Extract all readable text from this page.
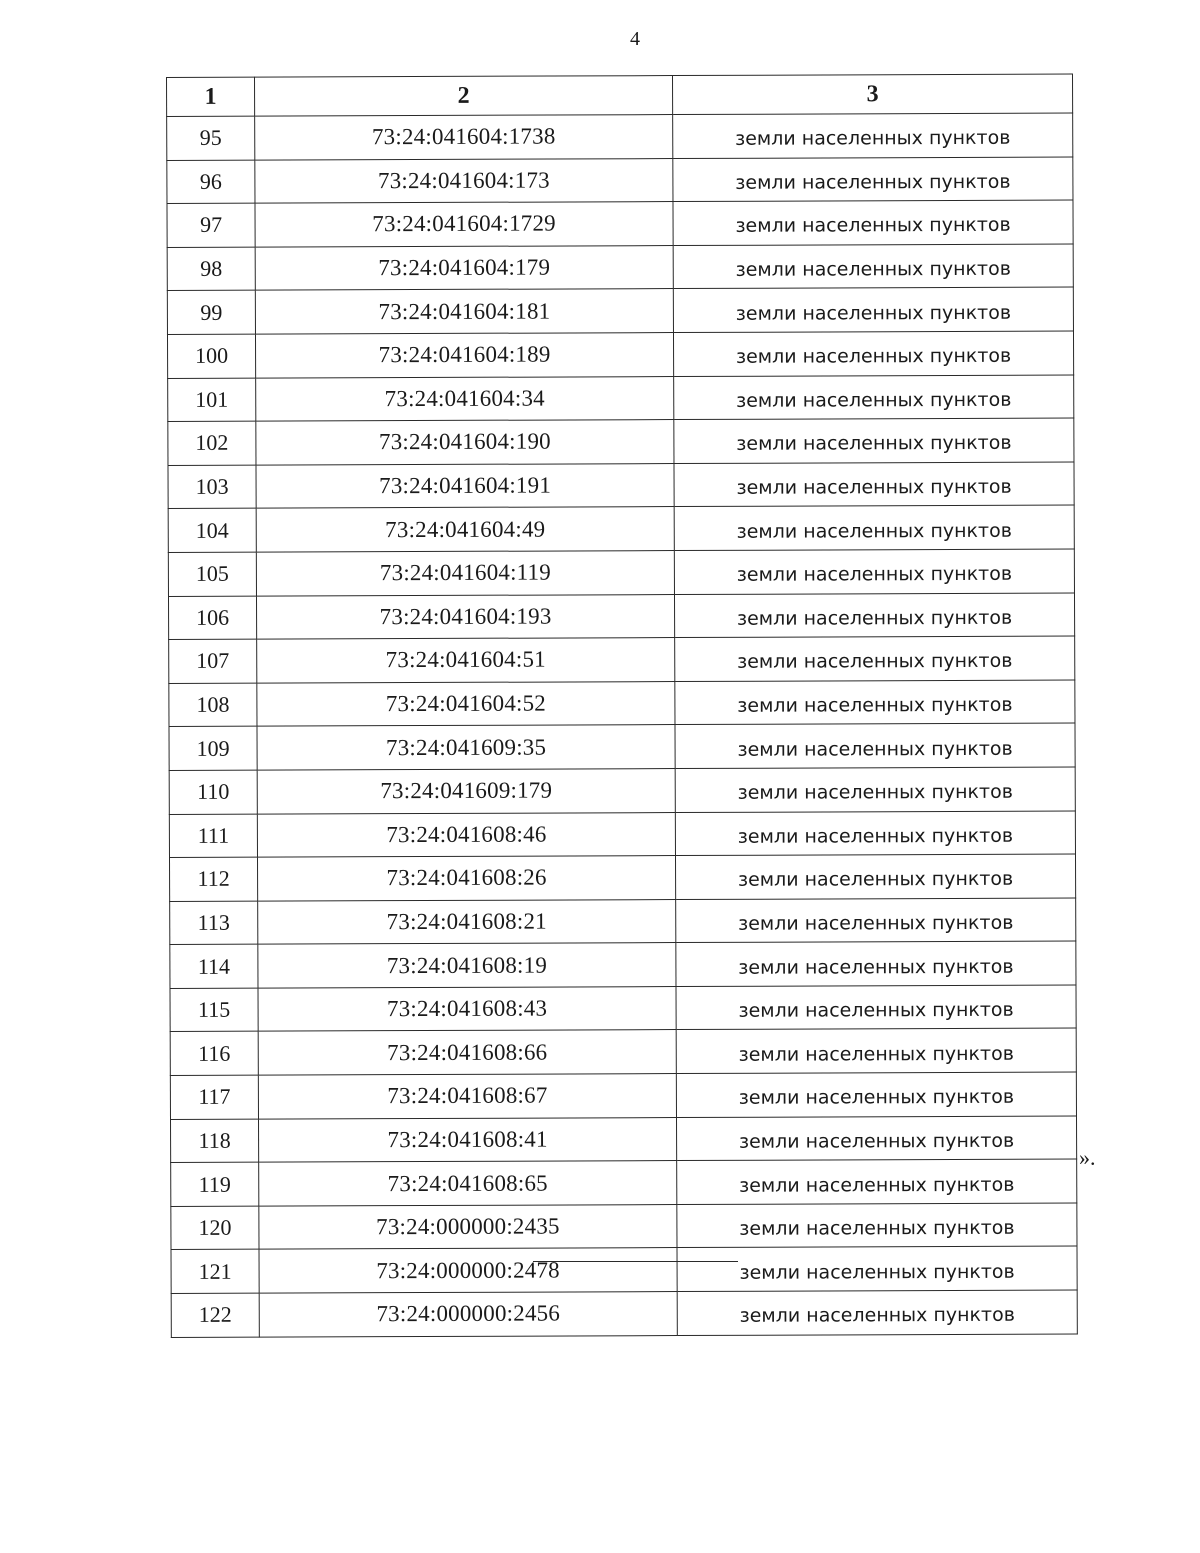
4
1	2	3
95	73:24:041604:1738	земли населенных пунктов
96	73:24:041604:173	земли населенных пунктов
97	73:24:041604:1729	земли населенных пунктов
98	73:24:041604:179	земли населенных пунктов
99	73:24:041604:181	земли населенных пунктов
100	73:24:041604:189	земли населенных пунктов
101	73:24:041604:34	земли населенных пунктов
102	73:24:041604:190	земли населенных пунктов
103	73:24:041604:191	земли населенных пунктов
104	73:24:041604:49	земли населенных пунктов
105	73:24:041604:119	земли населенных пунктов
106	73:24:041604:193	земли населенных пунктов
107	73:24:041604:51	земли населенных пунктов
108	73:24:041604:52	земли населенных пунктов
109	73:24:041609:35	земли населенных пунктов
110	73:24:041609:179	земли населенных пунктов
111	73:24:041608:46	земли населенных пунктов
112	73:24:041608:26	земли населенных пунктов
113	73:24:041608:21	земли населенных пунктов
114	73:24:041608:19	земли населенных пунктов
115	73:24:041608:43	земли населенных пунктов
116	73:24:041608:66	земли населенных пунктов
117	73:24:041608:67	земли населенных пунктов
118	73:24:041608:41	земли населенных пунктов
119	73:24:041608:65	земли населенных пунктов
120	73:24:000000:2435	земли населенных пунктов
121	73:24:000000:2478	земли населенных пунктов
122	73:24:000000:2456	земли населенных пунктов
».
